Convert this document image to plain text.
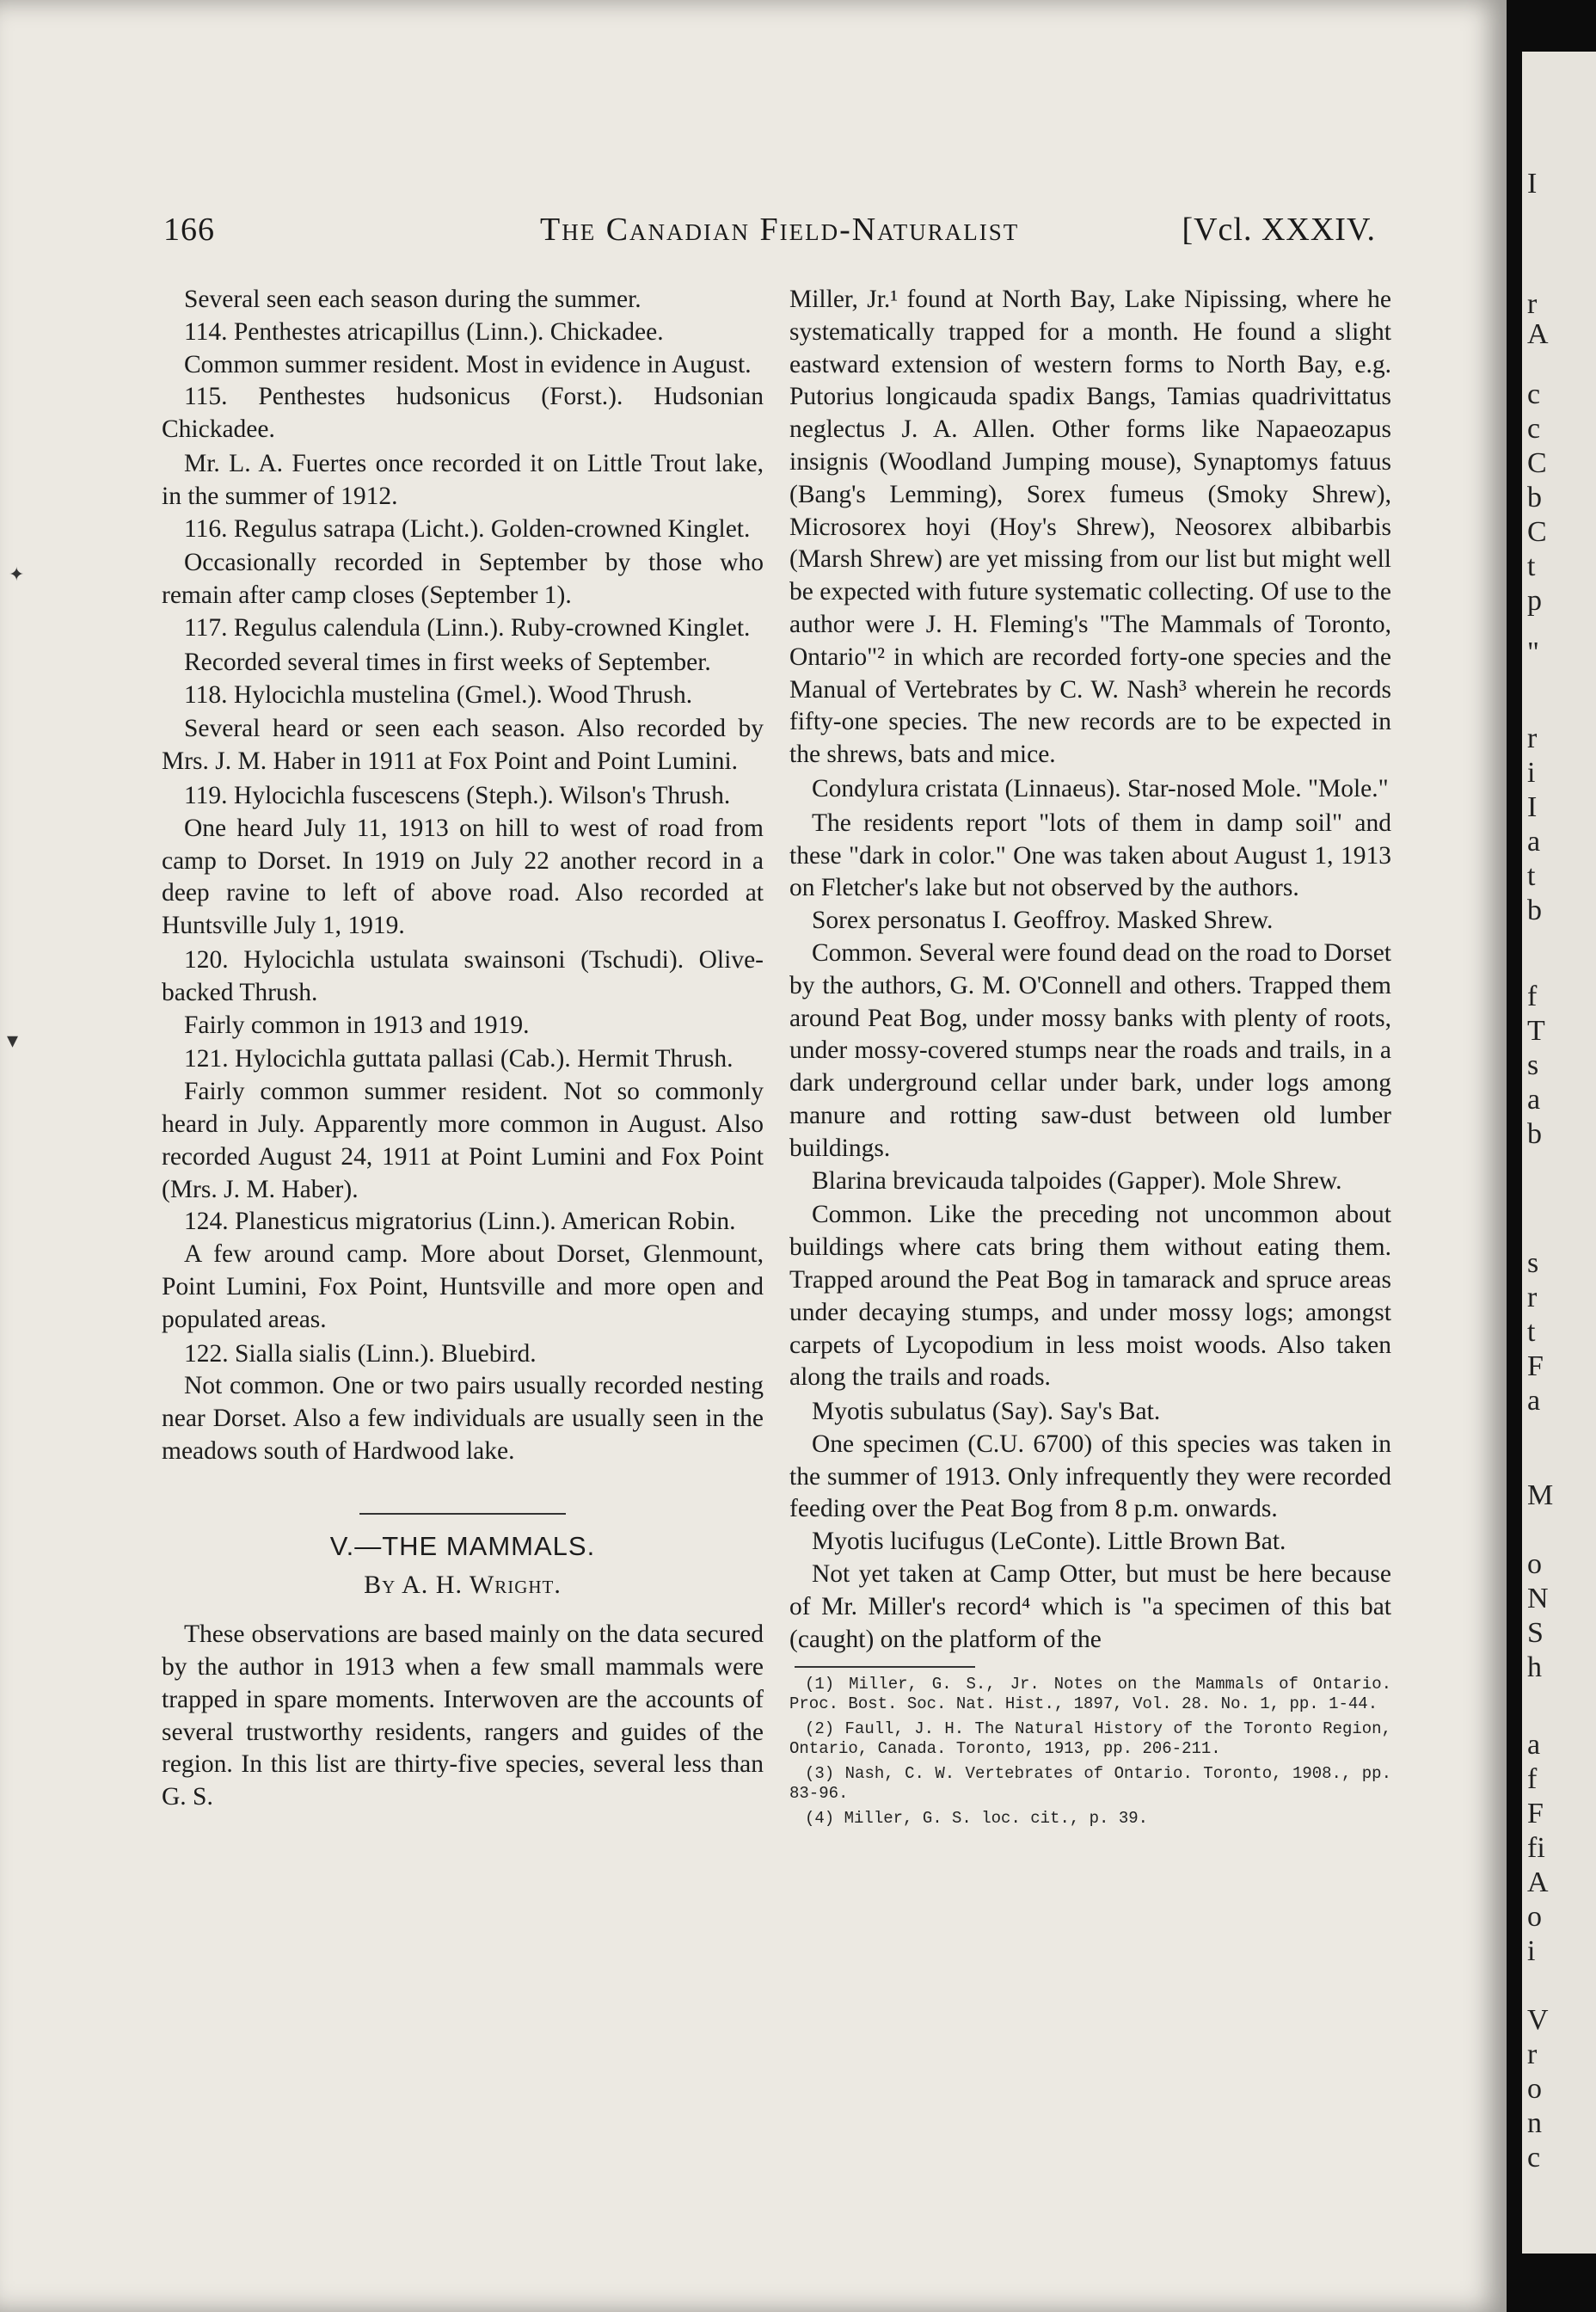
166	The Canadian Field-Naturalist	[Vcl. XXXIV.

Several seen each season during the summer.

114. Penthestes atricapillus (Linn.). Chickadee.

Common summer resident. Most in evidence in August.

115. Penthestes hudsonicus (Forst.). Hudsonian Chickadee.

Mr. L. A. Fuertes once recorded it on Little Trout lake, in the summer of 1912.

116. Regulus satrapa (Licht.). Golden-crowned Kinglet.

Occasionally recorded in September by those who remain after camp closes (September 1).

117. Regulus calendula (Linn.). Ruby-crowned Kinglet.

Recorded several times in first weeks of September.

118. Hylocichla mustelina (Gmel.). Wood Thrush.

Several heard or seen each season. Also recorded by Mrs. J. M. Haber in 1911 at Fox Point and Point Lumini.

119. Hylocichla fuscescens (Steph.). Wilson's Thrush.

One heard July 11, 1913 on hill to west of road from camp to Dorset. In 1919 on July 22 another record in a deep ravine to left of above road. Also recorded at Huntsville July 1, 1919.

120. Hylocichla ustulata swainsoni (Tschudi). Olive-backed Thrush.

Fairly common in 1913 and 1919.

121. Hylocichla guttata pallasi (Cab.). Hermit Thrush.

Fairly common summer resident. Not so commonly heard in July. Apparently more common in August. Also recorded August 24, 1911 at Point Lumini and Fox Point (Mrs. J. M. Haber).

124. Planesticus migratorius (Linn.). American Robin.

A few around camp. More about Dorset, Glenmount, Point Lumini, Fox Point, Huntsville and more open and populated areas.

122. Sialla sialis (Linn.). Bluebird.

Not common. One or two pairs usually recorded nesting near Dorset. Also a few individuals are usually seen in the meadows south of Hardwood lake.

V.—THE MAMMALS.
By A. H. Wright.

These observations are based mainly on the data secured by the author in 1913 when a few small mammals were trapped in spare moments. Interwoven are the accounts of several trustworthy residents, rangers and guides of the region. In this list are thirty-five species, several less than G. S.

Miller, Jr.¹ found at North Bay, Lake Nipissing, where he systematically trapped for a month. He found a slight eastward extension of western forms to North Bay, e.g. Putorius longicauda spadix Bangs, Tamias quadrivittatus neglectus J. A. Allen. Other forms like Napaeozapus insignis (Woodland Jumping mouse), Synaptomys fatuus (Bang's Lemming), Sorex fumeus (Smoky Shrew), Microsorex hoyi (Hoy's Shrew), Neosorex albibarbis (Marsh Shrew) are yet missing from our list but might well be expected with future systematic collecting. Of use to the author were J. H. Fleming's "The Mammals of Toronto, Ontario"² in which are recorded forty-one species and the Manual of Vertebrates by C. W. Nash³ wherein he records fifty-one species. The new records are to be expected in the shrews, bats and mice.

Condylura cristata (Linnaeus). Star-nosed Mole. "Mole."

The residents report "lots of them in damp soil" and these "dark in color." One was taken about August 1, 1913 on Fletcher's lake but not observed by the authors.

Sorex personatus I. Geoffroy. Masked Shrew.

Common. Several were found dead on the road to Dorset by the authors, G. M. O'Connell and others. Trapped them around Peat Bog, under mossy banks with plenty of roots, under mossy-covered stumps near the roads and trails, in a dark underground cellar under bark, under logs among manure and rotting saw-dust between old lumber buildings.

Blarina brevicauda talpoides (Gapper). Mole Shrew.

Common. Like the preceding not uncommon about buildings where cats bring them without eating them. Trapped around the Peat Bog in tamarack and spruce areas under decaying stumps, and under mossy logs; amongst carpets of Lycopodium in less moist woods. Also taken along the trails and roads.

Myotis subulatus (Say). Say's Bat.

One specimen (C.U. 6700) of this species was taken in the summer of 1913. Only infrequently they were recorded feeding over the Peat Bog from 8 p.m. onwards.

Myotis lucifugus (LeConte). Little Brown Bat.

Not yet taken at Camp Otter, but must be here because of Mr. Miller's record⁴ which is "a specimen of this bat (caught) on the platform of the

(1) Miller, G. S., Jr. Notes on the Mammals of Ontario. Proc. Bost. Soc. Nat. Hist., 1897, Vol. 28. No. 1, pp. 1-44.

(2) Faull, J. H. The Natural History of the Toronto Region, Ontario, Canada. Toronto, 1913, pp. 206-211.

(3) Nash, C. W. Vertebrates of Ontario. Toronto, 1908., pp. 83-96.

(4) Miller, G. S. loc. cit., p. 39.

✦
▾
I
r
A
c
c
C
b
C
t
p
"
r
i
I
a
t
b
f
T
s
a
b
s
r
t
F
a
M
o
N
S
h
a
f
F
fi
A
o
i
V
r
o
n
c
